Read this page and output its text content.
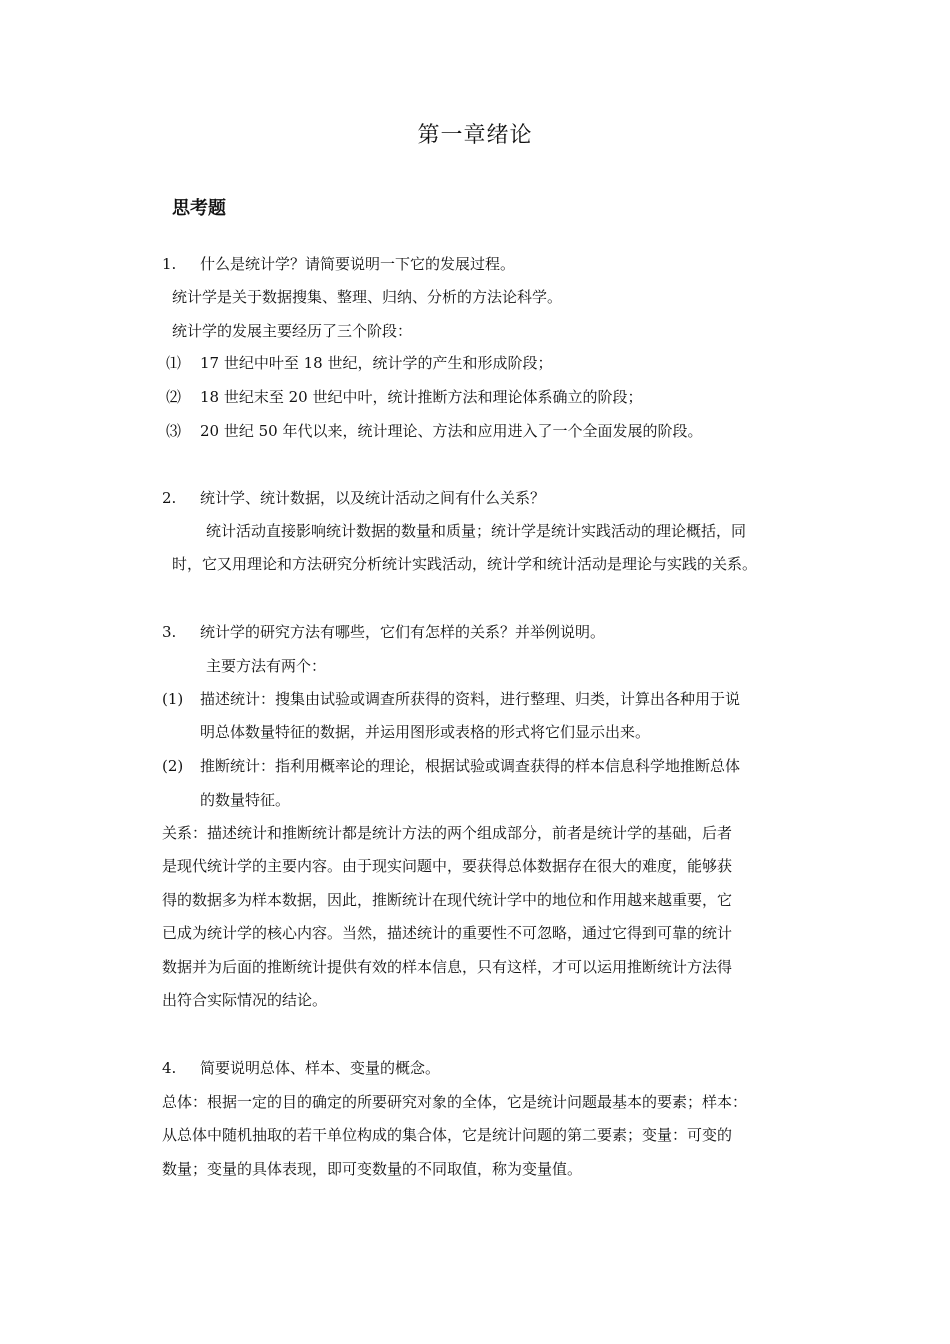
第一章绪论
思考题
1. 什么是统计学？请简要说明一下它的发展过程。
统计学是关于数据搜集、整理、归纳、分析的方法论科学。
统计学的发展主要经历了三个阶段：
⑴ 17 世纪中叶至 18 世纪，统计学的产生和形成阶段；
⑵ 18 世纪末至 20 世纪中叶，统计推断方法和理论体系确立的阶段；
⑶ 20 世纪 50 年代以来，统计理论、方法和应用进入了一个全面发展的阶段。
2. 统计学、统计数据，以及统计活动之间有什么关系？
统计活动直接影响统计数据的数量和质量；统计学是统计实践活动的理论概括，同
时，它又用理论和方法研究分析统计实践活动，统计学和统计活动是理论与实践的关系。
3. 统计学的研究方法有哪些，它们有怎样的关系？并举例说明。
主要方法有两个：
(1) 描述统计：搜集由试验或调查所获得的资料，进行整理、归类，计算出各种用于说
明总体数量特征的数据，并运用图形或表格的形式将它们显示出来。
(2) 推断统计：指利用概率论的理论，根据试验或调查获得的样本信息科学地推断总体
的数量特征。
关系：描述统计和推断统计都是统计方法的两个组成部分，前者是统计学的基础，后者
是现代统计学的主要内容。由于现实问题中，要获得总体数据存在很大的难度，能够获
得的数据多为样本数据，因此，推断统计在现代统计学中的地位和作用越来越重要，它
已成为统计学的核心内容。当然，描述统计的重要性不可忽略，通过它得到可靠的统计
数据并为后面的推断统计提供有效的样本信息，只有这样，才可以运用推断统计方法得
出符合实际情况的结论。
4. 简要说明总体、样本、变量的概念。
总体：根据一定的目的确定的所要研究对象的全体，它是统计问题最基本的要素；样本：
从总体中随机抽取的若干单位构成的集合体，它是统计问题的第二要素；变量：可变的
数量；变量的具体表现，即可变数量的不同取值，称为变量值。
